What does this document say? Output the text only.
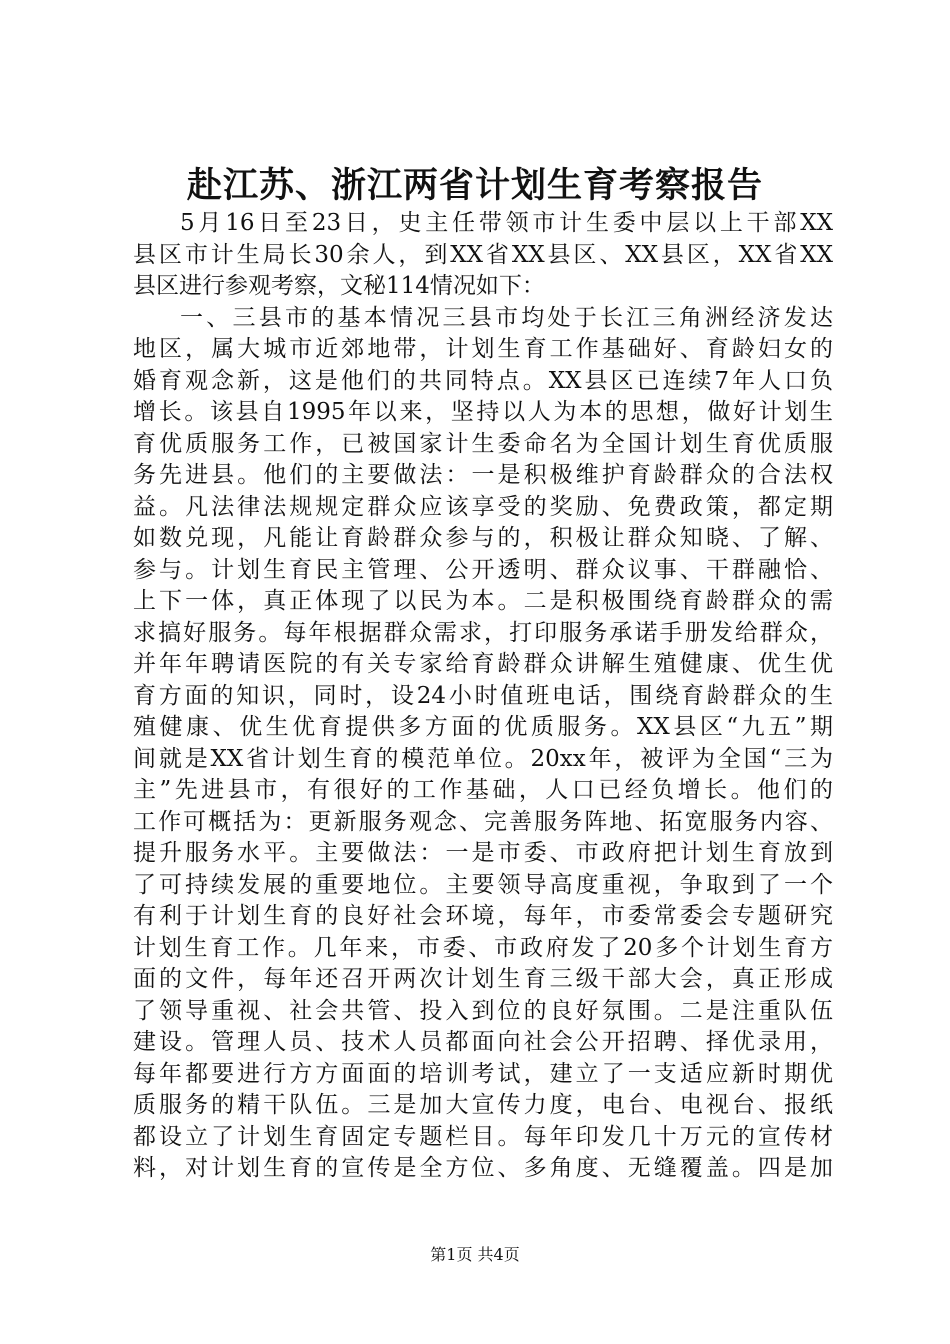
赴江苏、浙江两省计划生育考察报告
5月16日至23日，史主任带领市计生委中层以上干部XX
县区市计生局长30余人，到XX省XX县区、XX县区，XX省XX
县区进行参观考察，文秘114情况如下：
一、三县市的基本情况三县市均处于长江三角洲经济发达
地区，属大城市近郊地带，计划生育工作基础好、育龄妇女的
婚育观念新，这是他们的共同特点。XX县区已连续7年人口负
增长。该县自1995年以来，坚持以人为本的思想，做好计划生
育优质服务工作，已被国家计生委命名为全国计划生育优质服
务先进县。他们的主要做法：一是积极维护育龄群众的合法权
益。凡法律法规规定群众应该享受的奖励、免费政策，都定期
如数兑现，凡能让育龄群众参与的，积极让群众知晓、了解、
参与。计划生育民主管理、公开透明、群众议事、干群融恰、
上下一体，真正体现了以民为本。二是积极围绕育龄群众的需
求搞好服务。每年根据群众需求，打印服务承诺手册发给群众，
并年年聘请医院的有关专家给育龄群众讲解生殖健康、优生优
育方面的知识，同时，设24小时值班电话，围绕育龄群众的生
殖健康、优生优育提供多方面的优质服务。XX县区“九五”期
间就是XX省计划生育的模范单位。20xx年，被评为全国“三为
主”先进县市，有很好的工作基础，人口已经负增长。他们的
工作可概括为：更新服务观念、完善服务阵地、拓宽服务内容、
提升服务水平。主要做法：一是市委、市政府把计划生育放到
了可持续发展的重要地位。主要领导高度重视，争取到了一个
有利于计划生育的良好社会环境，每年，市委常委会专题研究
计划生育工作。几年来，市委、市政府发了20多个计划生育方
面的文件，每年还召开两次计划生育三级干部大会，真正形成
了领导重视、社会共管、投入到位的良好氛围。二是注重队伍
建设。管理人员、技术人员都面向社会公开招聘、择优录用，
每年都要进行方方面面的培训考试，建立了一支适应新时期优
质服务的精干队伍。三是加大宣传力度，电台、电视台、报纸
都设立了计划生育固定专题栏目。每年印发几十万元的宣传材
料，对计划生育的宣传是全方位、多角度、无缝覆盖。四是加
第1页 共4页
